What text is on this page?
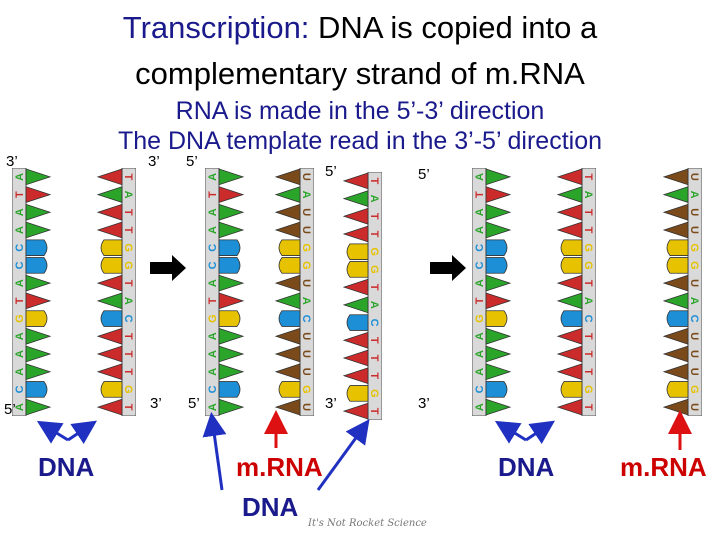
Transcription: DNA is copied into a
complementary strand of m.RNA
RNA is made in the 5’-3’ direction
The DNA template read in the 3’-5’ direction
A
T
A
A
C
C
A
T
G
A
A
A
C
A
T
A
T
T
G
G
T
A
C
T
T
T
G
T
A
T
A
A
C
C
A
T
G
A
A
A
C
A
U
A
U
U
G
G
U
A
C
U
U
U
G
U
T
A
T
T
G
G
T
A
C
T
T
T
G
T
A
T
A
A
C
C
A
T
G
A
A
A
C
A
T
A
T
T
G
G
T
A
C
T
T
T
G
T
U
A
U
U
G
G
U
A
C
U
U
U
G
U
3’
5’
3’ 5’
5’	5’
3’ 5’	3’	3’
DNA	m.RNA
DNA
DNA	m.RNA
It's Not Rocket Science
